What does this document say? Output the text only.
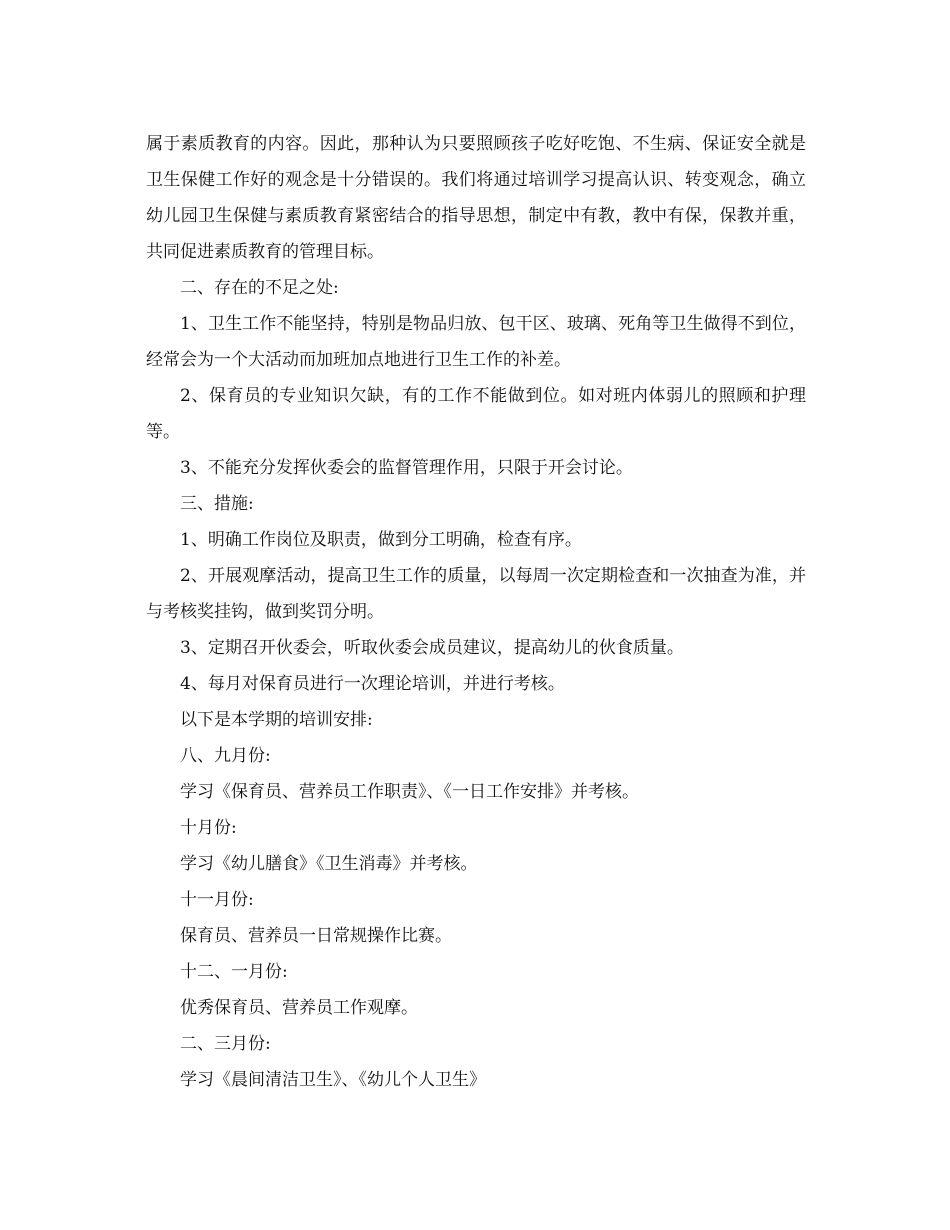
属于素质教育的内容。因此，那种认为只要照顾孩子吃好吃饱、不生病、保证安全就是卫生保健工作好的观念是十分错误的。我们将通过培训学习提高认识、转变观念，确立幼儿园卫生保健与素质教育紧密结合的指导思想，制定中有教，教中有保，保教并重，共同促进素质教育的管理目标。

二、存在的不足之处:

1、卫生工作不能坚持，特别是物品归放、包干区、玻璃、死角等卫生做得不到位，经常会为一个大活动而加班加点地进行卫生工作的补差。

2、保育员的专业知识欠缺，有的工作不能做到位。如对班内体弱儿的照顾和护理等。

3、不能充分发挥伙委会的监督管理作用，只限于开会讨论。

三、措施:

1、明确工作岗位及职责，做到分工明确，检查有序。

2、开展观摩活动，提高卫生工作的质量，以每周一次定期检查和一次抽查为准，并与考核奖挂钩，做到奖罚分明。

3、定期召开伙委会，听取伙委会成员建议，提高幼儿的伙食质量。

4、每月对保育员进行一次理论培训，并进行考核。

以下是本学期的培训安排:

八、九月份:

学习《保育员、营养员工作职责》、《一日工作安排》并考核。

十月份:

学习《幼儿膳食》《卫生消毒》并考核。

十一月份:

保育员、营养员一日常规操作比赛。

十二、一月份:

优秀保育员、营养员工作观摩。

二、三月份:

学习《晨间清洁卫生》、《幼儿个人卫生》
